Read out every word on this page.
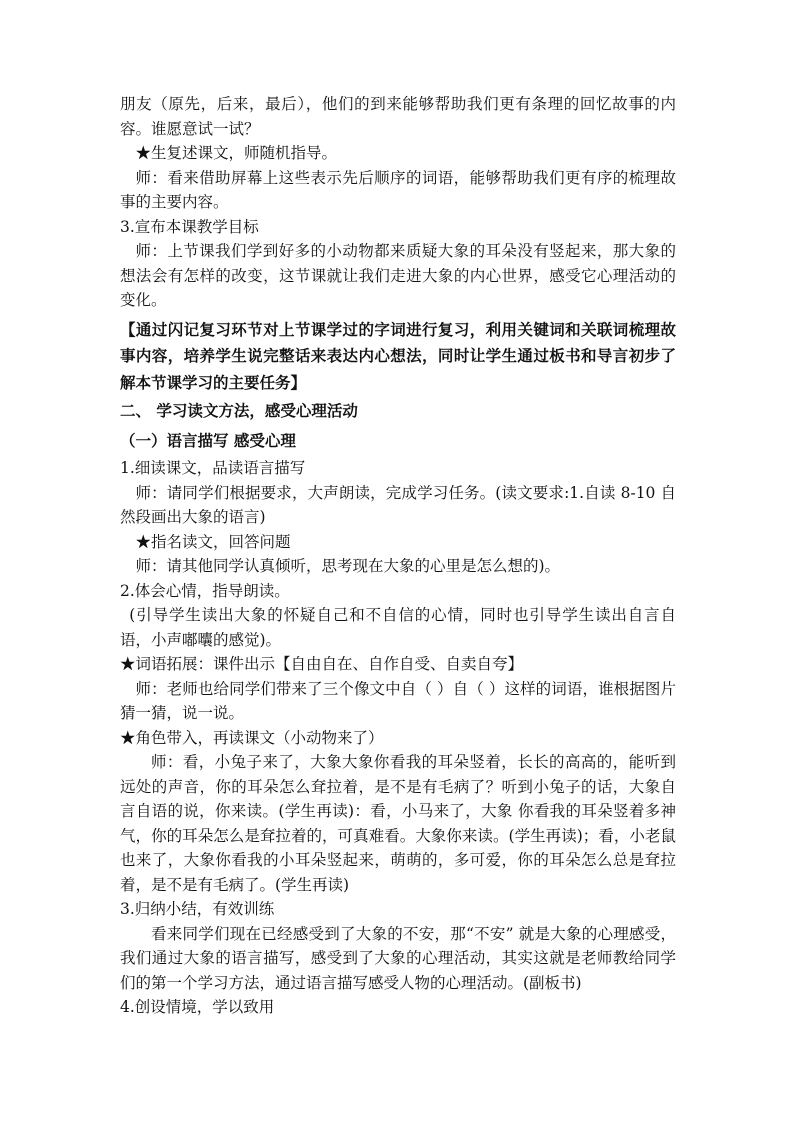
朋友（原先，后来，最后），他们的到来能够帮助我们更有条理的回忆故事的内容。谁愿意试一试？

★生复述课文，师随机指导。

师：看来借助屏幕上这些表示先后顺序的词语，能够帮助我们更有序的梳理故事的主要内容。

3.宣布本课教学目标

师：上节课我们学到好多的小动物都来质疑大象的耳朵没有竖起来，那大象的想法会有怎样的改变，这节课就让我们走进大象的内心世界，感受它心理活动的变化。

【通过闪记复习环节对上节课学过的字词进行复习，利用关键词和关联词梳理故事内容，培养学生说完整话来表达内心想法，同时让学生通过板书和导言初步了解本节课学习的主要任务】

二、 学习读文方法，感受心理活动

（一）语言描写 感受心理

1.细读课文，品读语言描写

师：请同学们根据要求，大声朗读，完成学习任务。(读文要求:1.自读 8-10 自然段画出大象的语言)

★指名读文，回答问题

师：请其他同学认真倾听，思考现在大象的心里是怎么想的)。

2.体会心情，指导朗读。

(引导学生读出大象的怀疑自己和不自信的心情，同时也引导学生读出自言自语，小声嘟囔的感觉)。

★词语拓展：课件出示【自由自在、自作自受、自卖自夸】

师：老师也给同学们带来了三个像文中自（ ）自（ ）这样的词语，谁根据图片猜一猜，说一说。

★角色带入，再读课文（小动物来了）

师：看，小兔子来了，大象大象你看我的耳朵竖着，长长的高高的，能听到远处的声音，你的耳朵怎么耷拉着，是不是有毛病了？听到小兔子的话，大象自言自语的说，你来读。(学生再读)：看，小马来了，大象 你看我的耳朵竖着多神气，你的耳朵怎么是耷拉着的，可真难看。大象你来读。(学生再读)；看，小老鼠也来了，大象你看我的小耳朵竖起来，萌萌的，多可爱，你的耳朵怎么总是耷拉着，是不是有毛病了。(学生再读)

3.归纳小结，有效训练

看来同学们现在已经感受到了大象的不安，那“不安” 就是大象的心理感受，我们通过大象的语言描写，感受到了大象的心理活动，其实这就是老师教给同学们的第一个学习方法，通过语言描写感受人物的心理活动。(副板书)

4.创设情境，学以致用
